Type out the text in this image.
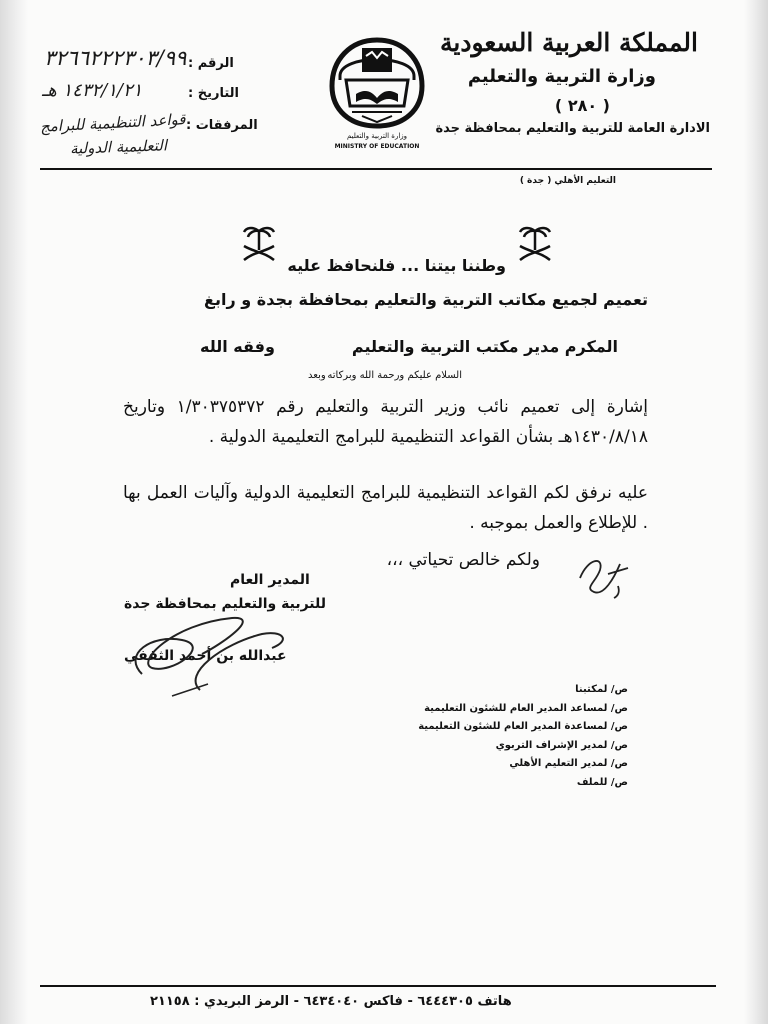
المملكة العربية السعودية
وزارة التربية والتعليم
( ٢٨٠ )
الادارة العامة للتربية والتعليم بمحافظة جدة
وزارة التربية والتعليم
MINISTRY OF EDUCATION
الرقم :
٣٢٦٦٢٢٢٣٠٣/٩٩
التاريخ :
١٤٣٢/١/٢١ هـ
المرفقات :
قواعد التنظيمية للبرامج
التعليمية الدولية
التعليم الأهلي ( جدة )
وطننا بيتنا ... فلنحافظ عليه
تعميم لجميع مكاتب التربية والتعليم بمحافظة بجدة و رابغ
المكرم مدير مكتب التربية والتعليم
وفقه الله
السلام عليكم ورحمة الله وبركاته
وبعد
إشارة إلى تعميم نائب وزير التربية والتعليم رقم ١/٣٠٣٧٥٣٧٢ وتاريخ ١٤٣٠/٨/١٨هـ بشأن القواعد التنظيمية للبرامج التعليمية الدولية .
عليه نرفق لكم القواعد التنظيمية للبرامج التعليمية الدولية وآليات العمل بها . للإطلاع والعمل بموجبه .
ولكم خالص تحياتي ،،،
المدير العام
للتربية والتعليم بمحافظة جدة
عبدالله بن أحمد الثقفي
ص/ لمكتبنا
ص/ لمساعد المدير العام للشئون التعليمية
ص/ لمساعدة المدير العام للشئون التعليمية
ص/ لمدير الإشراف التربوي
ص/ لمدير التعليم الأهلي
ص/ للملف
هاتف ٦٤٤٤٣٠٥ - فاكس ٦٤٣٤٠٤٠ - الرمز البريدي : ٢١١٥٨
